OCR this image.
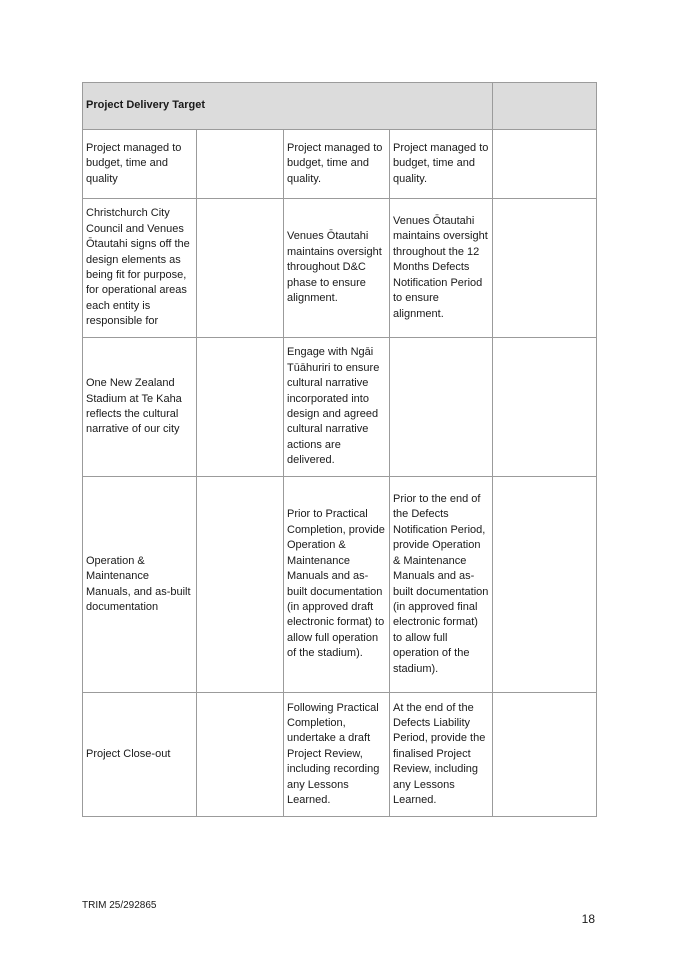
Project Delivery Target				
Project managed to budget, time and quality		Project managed to budget, time and quality.	Project managed to budget, time and quality.	
Christchurch City Council and Venues Ōtautahi signs off the design elements as being fit for purpose, for operational areas each entity is responsible for		Venues Ōtautahi maintains oversight throughout D&C phase to ensure alignment.	Venues Ōtautahi maintains oversight throughout the 12 Months Defects Notification Period to ensure alignment.	
One New Zealand Stadium at Te Kaha reflects the cultural narrative of our city		Engage with Ngāi Tūāhuriri to ensure cultural narrative incorporated into design and agreed cultural narrative actions are delivered.		
Operation & Maintenance Manuals, and as-built documentation		Prior to Practical Completion, provide Operation & Maintenance Manuals and as-built documentation (in approved draft electronic format) to allow full operation of the stadium).	Prior to the end of the Defects Notification Period, provide Operation & Maintenance Manuals and as-built documentation (in approved final electronic format) to allow full operation of the stadium).	
Project Close-out		Following Practical Completion, undertake a draft Project Review, including recording any Lessons Learned.	At the end of the Defects Liability Period, provide the finalised Project Review, including any Lessons Learned.	
TRIM 25/292865
18
